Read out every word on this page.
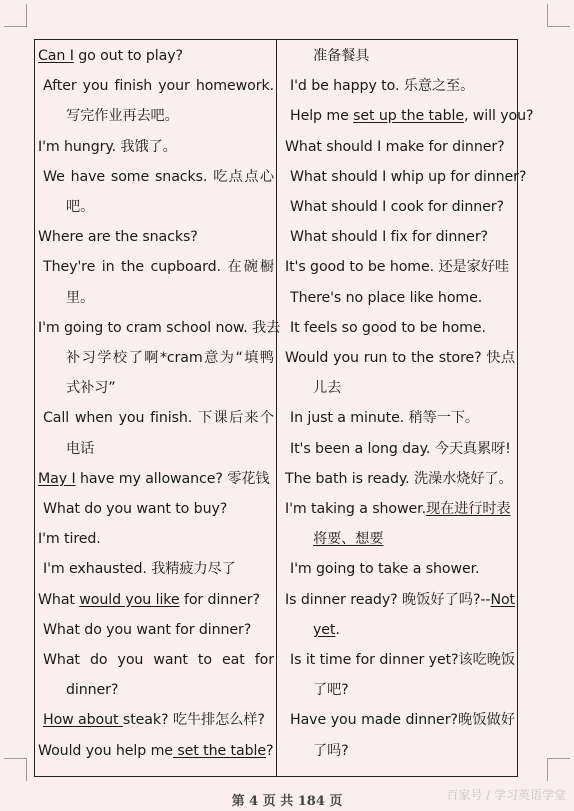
Can I go out to play?
After you finish your homework.
写完作业再去吧。
I'm hungry. 我饿了。
We have some snacks. 吃点点心
吧。
Where are the snacks?
They're in the cupboard. 在碗橱
里。
I'm going to cram school now. 我去
补习学校了啊*cram意为“填鸭
式补习”
Call when you finish. 下课后来个
电话
May I have my allowance? 零花钱
What do you want to buy?
I'm tired.
I'm exhausted. 我精疲力尽了
What would you like for dinner?
What do you want for dinner?
What do you want to eat for
dinner?
How about steak? 吃牛排怎么样?
Would you help me set the table?
准备餐具
I'd be happy to. 乐意之至。
Help me set up the table, will you?
What should I make for dinner?
What should I whip up for dinner?
What should I cook for dinner?
What should I fix for dinner?
It's good to be home. 还是家好哇
There's no place like home.
It feels so good to be home.
Would you run to the store? 快点
儿去
In just a minute. 稍等一下。
It's been a long day. 今天真累呀!
The bath is ready. 洗澡水烧好了。
I'm taking a shower.现在进行时表
将要、想要
I'm going to take a shower.
Is dinner ready? 晚饭好了吗?--Not
yet.
Is it time for dinner yet?该吃晚饭
了吧?
Have you made dinner?晚饭做好
了吗?
第 4 页 共 184 页	百家号 / 学习英语学堂
